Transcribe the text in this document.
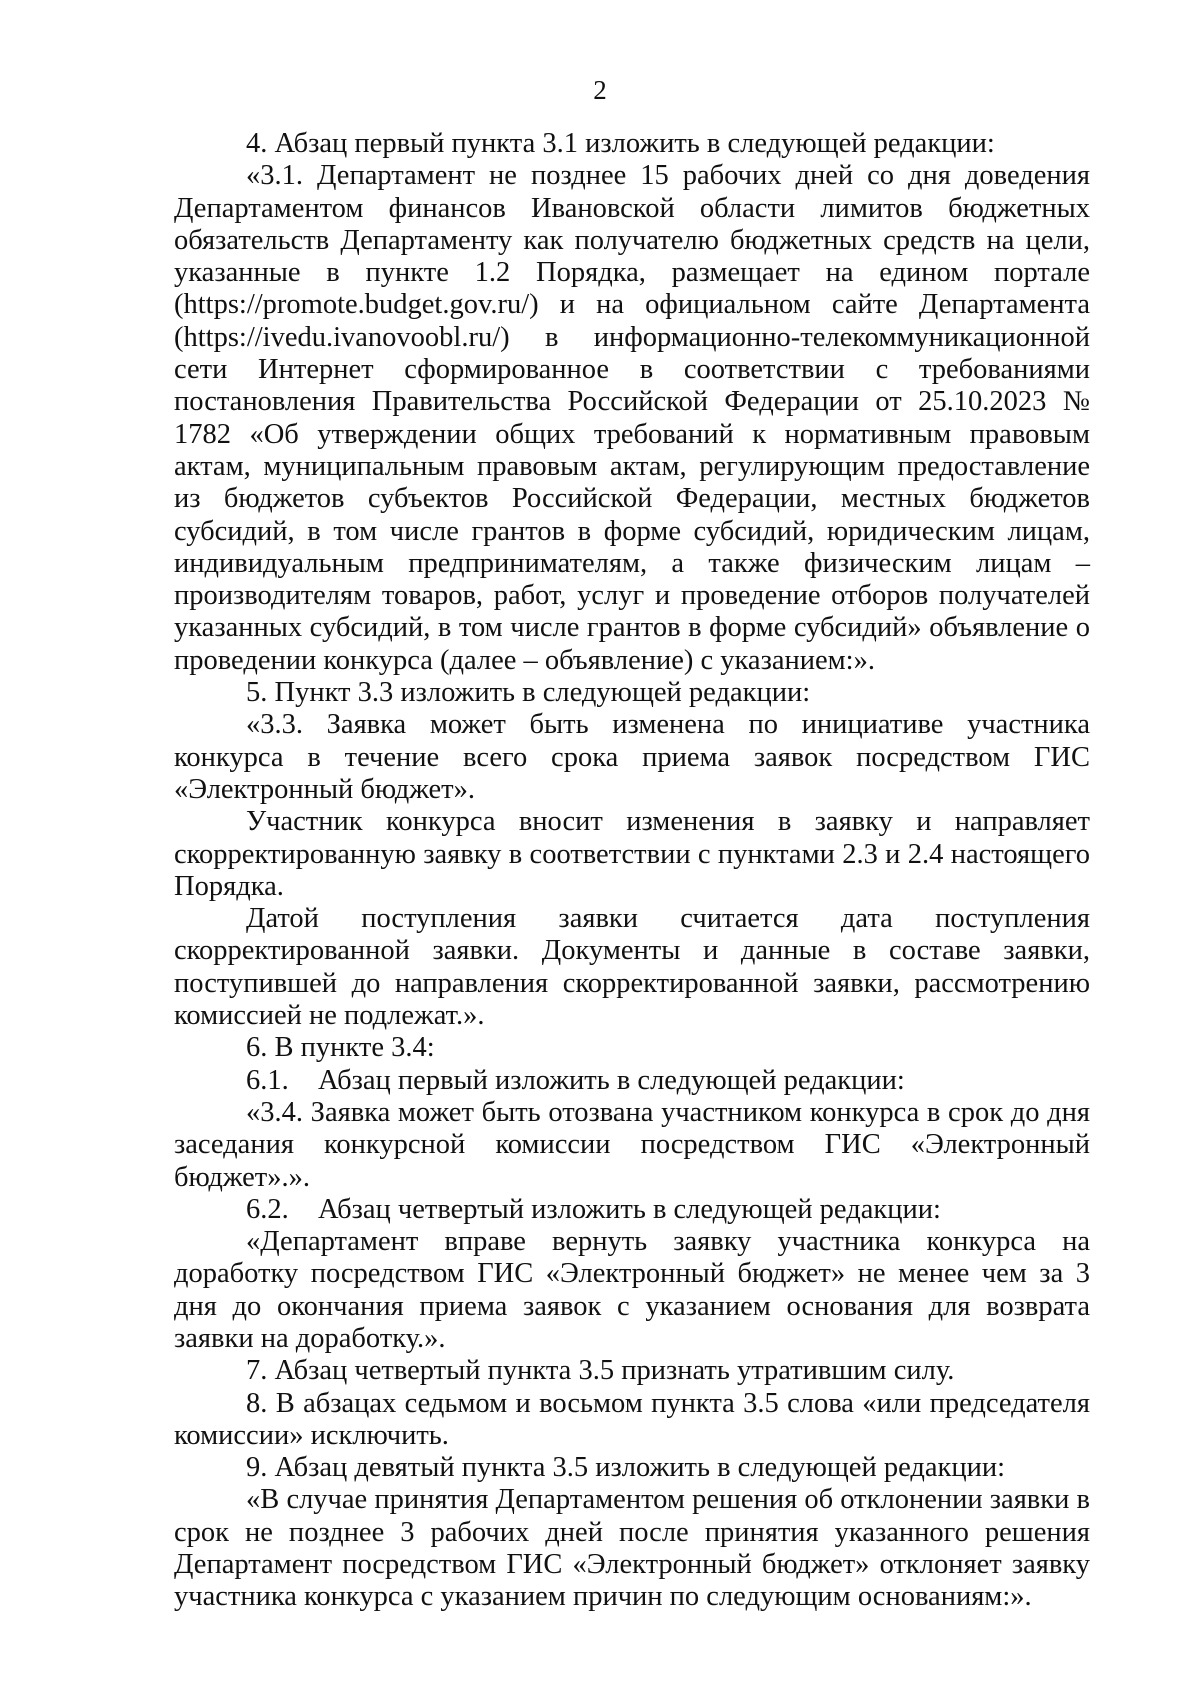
2

4. Абзац первый пункта 3.1 изложить в следующей редакции:

«3.1. Департамент не позднее 15 рабочих дней со дня доведения Департаментом финансов Ивановской области лимитов бюджетных обязательств Департаменту как получателю бюджетных средств на цели, указанные в пункте 1.2 Порядка, размещает на едином портале (https://promote.budget.gov.ru/) и на официальном сайте Департамента (https://ivedu.ivanovoobl.ru/) в информационно-телекоммуникационной сети Интернет сформированное в соответствии с требованиями постановления Правительства Российской Федерации от 25.10.2023 № 1782 «Об утверждении общих требований к нормативным правовым актам, муниципальным правовым актам, регулирующим предоставление из бюджетов субъектов Российской Федерации, местных бюджетов субсидий, в том числе грантов в форме субсидий, юридическим лицам, индивидуальным предпринимателям, а также физическим лицам – производителям товаров, работ, услуг и проведение отборов получателей указанных субсидий, в том числе грантов в форме субсидий» объявление о проведении конкурса (далее – объявление) с указанием:».

5. Пункт 3.3 изложить в следующей редакции:

«3.3. Заявка может быть изменена по инициативе участника конкурса в течение всего срока приема заявок посредством ГИС «Электронный бюджет».

Участник конкурса вносит изменения в заявку и направляет скорректированную заявку в соответствии с пунктами 2.3 и 2.4 настоящего Порядка.

Датой поступления заявки считается дата поступления скорректированной заявки. Документы и данные в составе заявки, поступившей до направления скорректированной заявки, рассмотрению комиссией не подлежат.».

6. В пункте 3.4:

6.1. Абзац первый изложить в следующей редакции:

«3.4. Заявка может быть отозвана участником конкурса в срок до дня заседания конкурсной комиссии посредством ГИС «Электронный бюджет».».

6.2. Абзац четвертый изложить в следующей редакции:

«Департамент вправе вернуть заявку участника конкурса на доработку посредством ГИС «Электронный бюджет» не менее чем за 3 дня до окончания приема заявок с указанием основания для возврата заявки на доработку.».

7. Абзац четвертый пункта 3.5 признать утратившим силу.

8. В абзацах седьмом и восьмом пункта 3.5 слова «или председателя комиссии» исключить.

9. Абзац девятый пункта 3.5 изложить в следующей редакции:

«В случае принятия Департаментом решения об отклонении заявки в срок не позднее 3 рабочих дней после принятия указанного решения Департамент посредством ГИС «Электронный бюджет» отклоняет заявку участника конкурса с указанием причин по следующим основаниям:».
